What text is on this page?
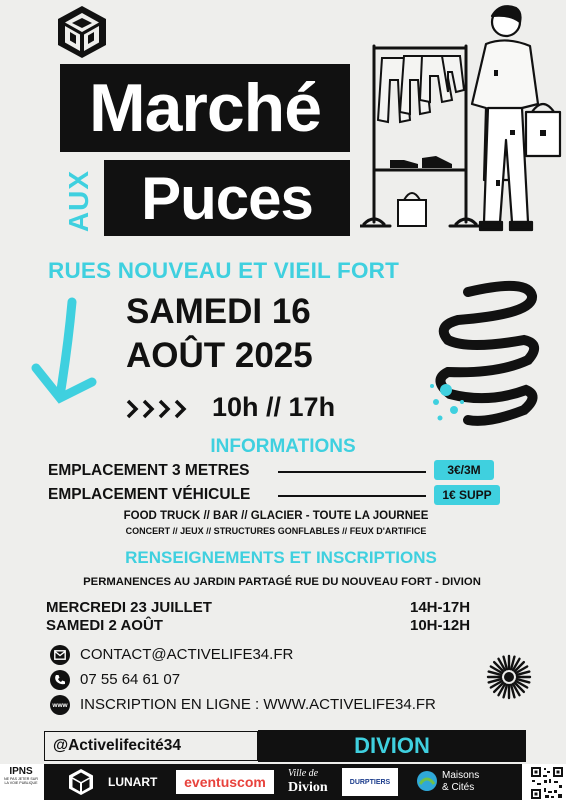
Marché
AUX Puces
RUES NOUVEAU ET VIEIL FORT
SAMEDI 16
AOÛT 2025
10h // 17h
INFORMATIONS
EMPLACEMENT 3 METRES	3€/3M
EMPLACEMENT VÉHICULE	1€ SUPP
FOOD TRUCK // BAR // GLACIER - TOUTE LA JOURNEE
CONCERT // JEUX // STRUCTURES GONFLABLES // FEUX D'ARTIFICE
RENSEIGNEMENTS ET INSCRIPTIONS
PERMANENCES AU JARDIN PARTAGÉ RUE DU NOUVEAU FORT - DIVION
MERCREDI 23 JUILLET	14H-17H
SAMEDI 2 AOÛT	10H-12H
CONTACT@ACTIVELIFE34.FR
07 55 64 61 07
www INSCRIPTION EN LIGNE : WWW.ACTIVELIFE34.FR
@Activelifecité34	DIVION
IPNS
NE PAS JETER SUR LA VOIE PUBLIQUE	LUNART eventuscom
Ville de
Divion	DURPTIERS
Maisons
& Cités
